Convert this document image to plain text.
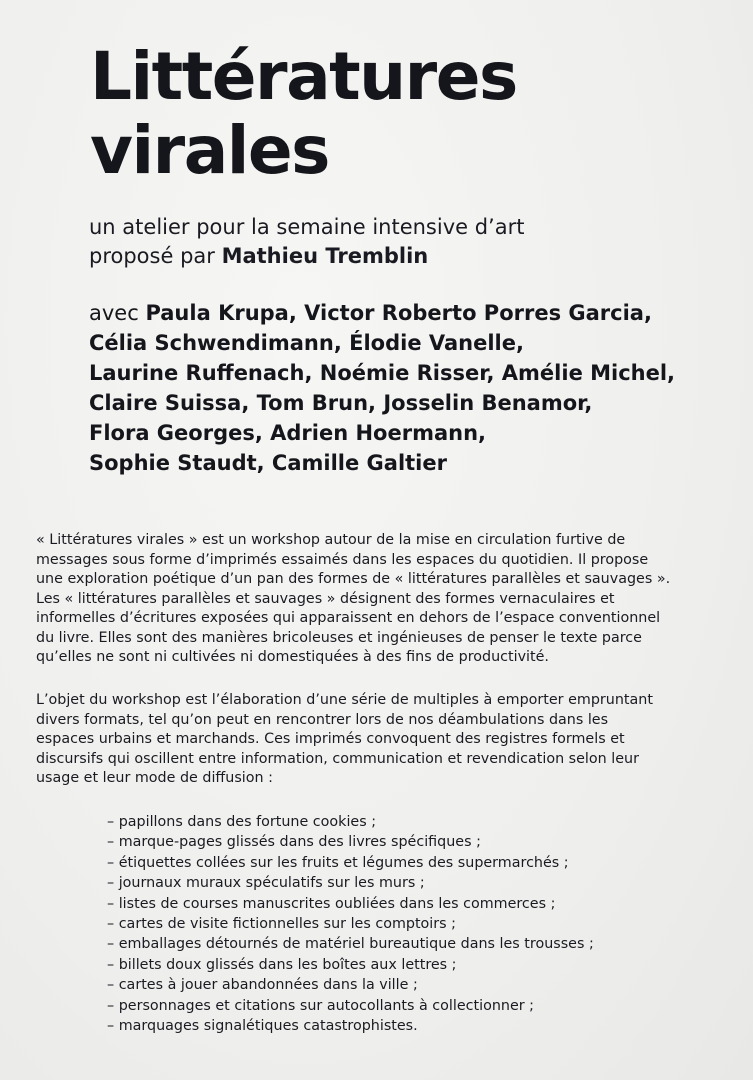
Littératures
virales
un atelier pour la semaine intensive d’art
proposé par Mathieu Tremblin
avec Paula Krupa, Victor Roberto Porres Garcia,
Célia Schwendimann, Élodie Vanelle,
Laurine Ruffenach, Noémie Risser, Amélie Michel,
Claire Suissa, Tom Brun, Josselin Benamor,
Flora Georges, Adrien Hoermann,
Sophie Staudt, Camille Galtier
« Littératures virales » est un workshop autour de la mise en circulation furtive de
messages sous forme d’imprimés essaimés dans les espaces du quotidien. Il propose
une exploration poétique d’un pan des formes de « littératures parallèles et sauvages ».
Les « littératures parallèles et sauvages » désignent des formes vernaculaires et
informelles d’écritures exposées qui apparaissent en dehors de l’espace conventionnel
du livre. Elles sont des manières bricoleuses et ingénieuses de penser le texte parce
qu’elles ne sont ni cultivées ni domestiquées à des fins de productivité.
L’objet du workshop est l’élaboration d’une série de multiples à emporter empruntant
divers formats, tel qu’on peut en rencontrer lors de nos déambulations dans les
espaces urbains et marchands. Ces imprimés convoquent des registres formels et
discursifs qui oscillent entre information, communication et revendication selon leur
usage et leur mode de diffusion :
– papillons dans des fortune cookies ;
– marque-pages glissés dans des livres spécifiques ;
– étiquettes collées sur les fruits et légumes des supermarchés ;
– journaux muraux spéculatifs sur les murs ;
– listes de courses manuscrites oubliées dans les commerces ;
– cartes de visite fictionnelles sur les comptoirs ;
– emballages détournés de matériel bureautique dans les trousses ;
– billets doux glissés dans les boîtes aux lettres ;
– cartes à jouer abandonnées dans la ville ;
– personnages et citations sur autocollants à collectionner ;
– marquages signalétiques catastrophistes.
